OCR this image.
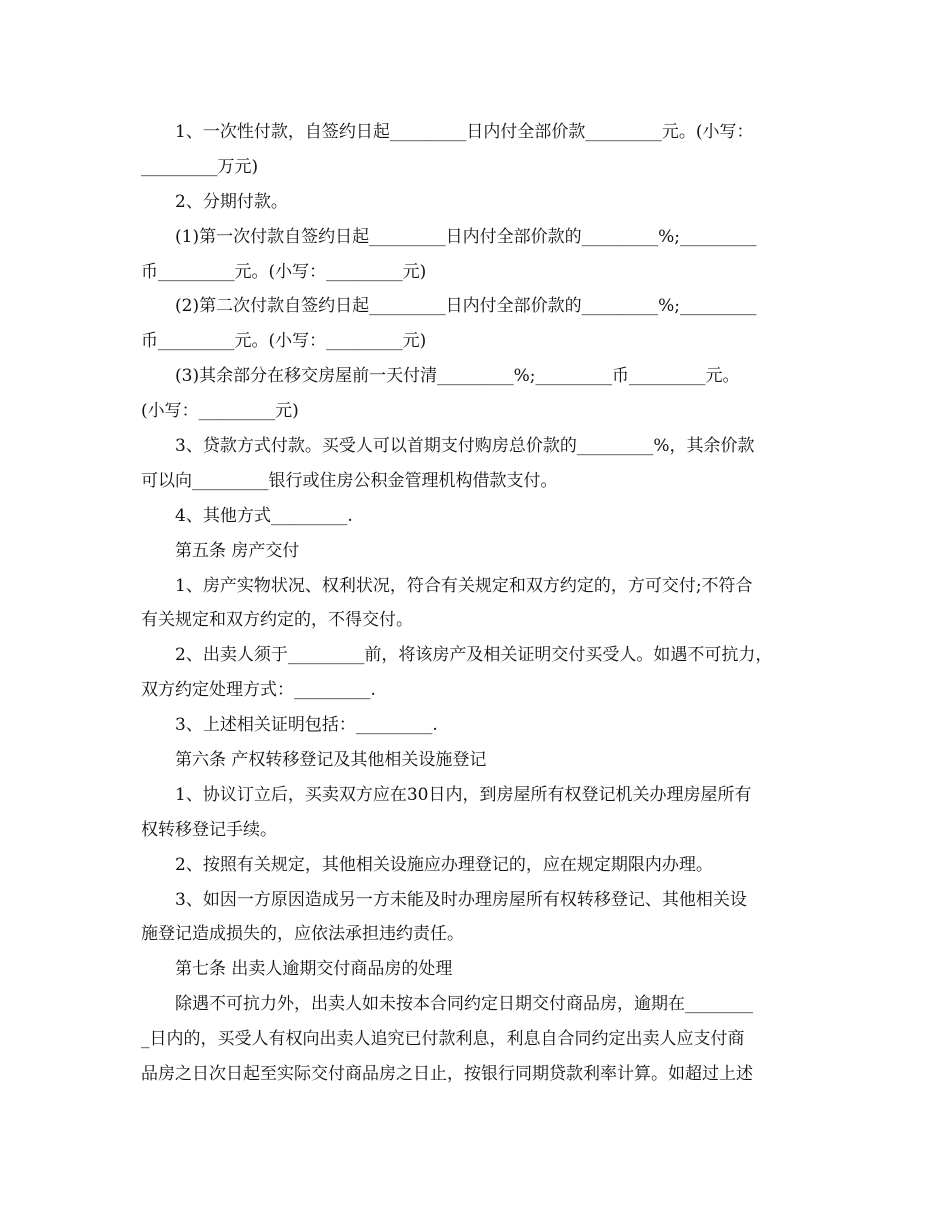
1、一次性付款，自签约日起_________日内付全部价款_________元。(小写：
_________万元)
2、分期付款。
(1)第一次付款自签约日起_________日内付全部价款的_________%;_________
币_________元。(小写：_________元)
(2)第二次付款自签约日起_________日内付全部价款的_________%;_________
币_________元。(小写：_________元)
(3)其余部分在移交房屋前一天付清_________%;_________币_________元。
(小写：_________元)
3、贷款方式付款。买受人可以首期支付购房总价款的_________%，其余价款
可以向_________银行或住房公积金管理机构借款支付。
4、其他方式_________.
第五条 房产交付
1、房产实物状况、权利状况，符合有关规定和双方约定的，方可交付;不符合
有关规定和双方约定的，不得交付。
2、出卖人须于_________前，将该房产及相关证明交付买受人。如遇不可抗力，
双方约定处理方式：_________.
3、上述相关证明包括：_________.
第六条 产权转移登记及其他相关设施登记
1、协议订立后，买卖双方应在30日内，到房屋所有权登记机关办理房屋所有
权转移登记手续。
2、按照有关规定，其他相关设施应办理登记的，应在规定期限内办理。
3、如因一方原因造成另一方未能及时办理房屋所有权转移登记、其他相关设
施登记造成损失的，应依法承担违约责任。
第七条 出卖人逾期交付商品房的处理
除遇不可抗力外，出卖人如未按本合同约定日期交付商品房，逾期在________
_日内的，买受人有权向出卖人追究已付款利息，利息自合同约定出卖人应支付商
品房之日次日起至实际交付商品房之日止，按银行同期贷款利率计算。如超过上述
